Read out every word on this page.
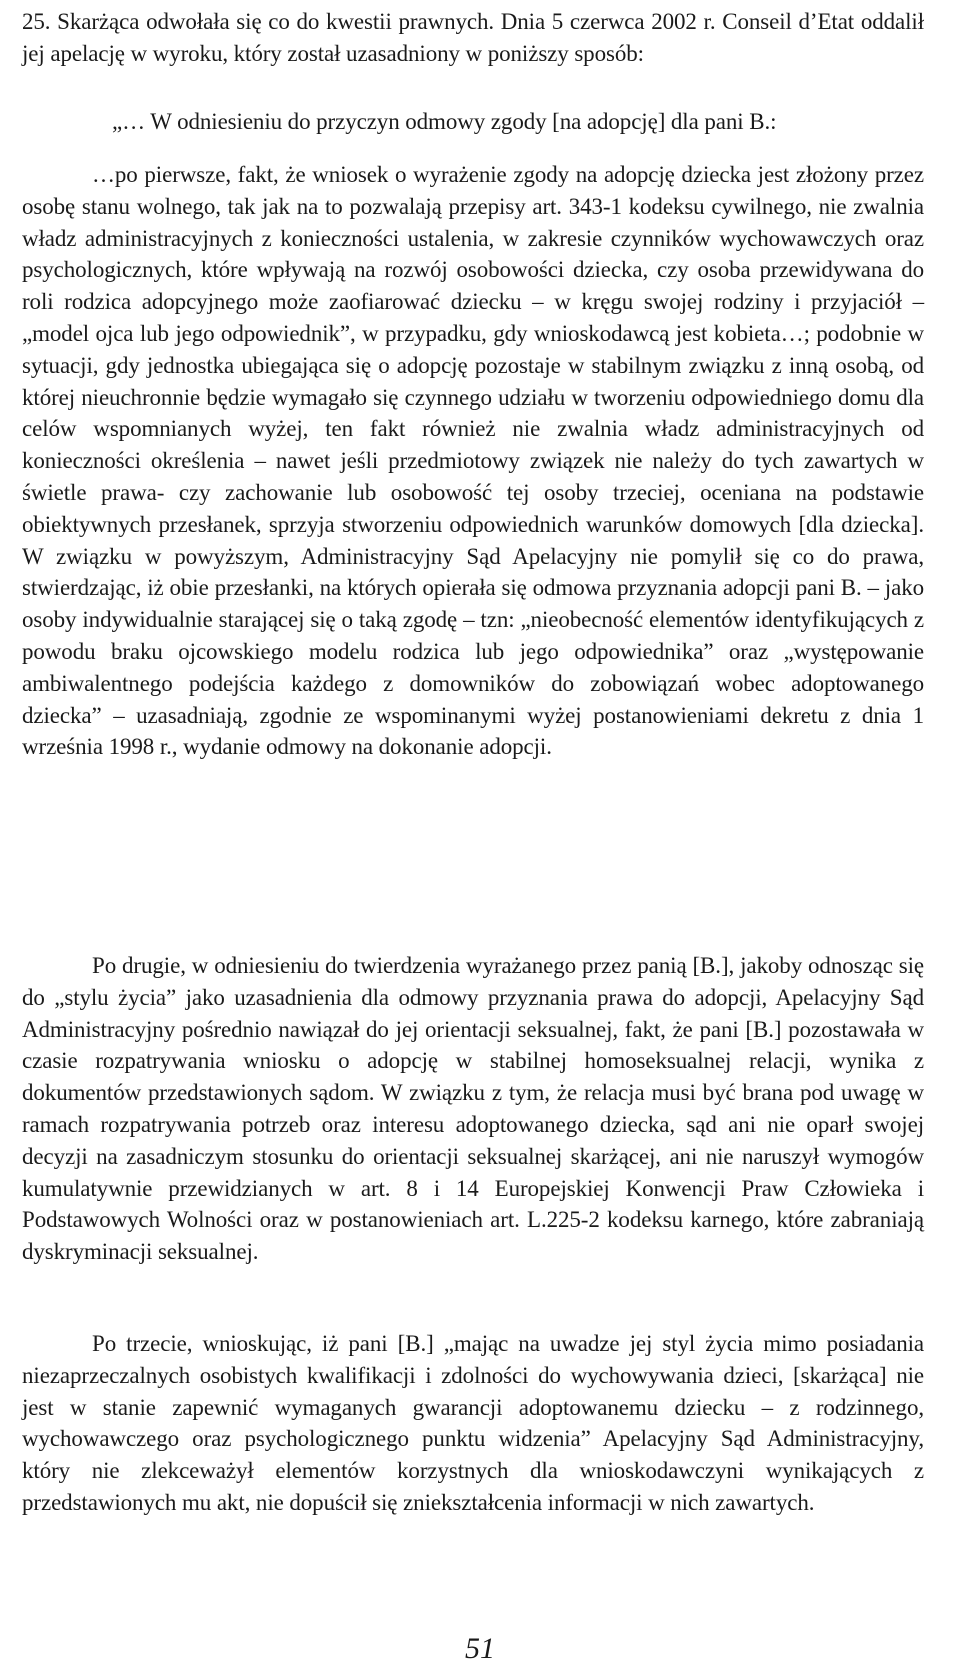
25. Skarżąca odwołała się co do kwestii prawnych. Dnia 5 czerwca 2002 r. Conseil d’Etat oddalił jej apelację w wyroku, który został uzasadniony w poniższy sposób:

„… W odniesieniu do przyczyn odmowy zgody [na adopcję] dla pani B.:

…po pierwsze, fakt, że wniosek o wyrażenie zgody na adopcję dziecka jest złożony przez osobę stanu wolnego, tak jak na to pozwalają przepisy art. 343-1 kodeksu cywilnego, nie zwalnia władz administracyjnych z konieczności ustalenia, w zakresie czynników wychowawczych oraz psychologicznych, które wpływają na rozwój osobowości dziecka, czy osoba przewidywana do roli rodzica adopcyjnego może zaofiarować dziecku – w kręgu swojej rodziny i przyjaciół – „model ojca lub jego odpowiednik”, w przypadku, gdy wnioskodawcą jest kobieta…; podobnie w sytuacji, gdy jednostka ubiegająca się o adopcję pozostaje w stabilnym związku z inną osobą, od której nieuchronnie będzie wymagało się czynnego udziału w tworzeniu odpowiedniego domu dla celów wspomnianych wyżej, ten fakt również nie zwalnia władz administracyjnych od konieczności określenia – nawet jeśli przedmiotowy związek nie należy do tych zawartych w świetle prawa- czy zachowanie lub osobowość tej osoby trzeciej, oceniana na podstawie obiektywnych przesłanek, sprzyja stworzeniu odpowiednich warunków domowych [dla dziecka]. W związku w powyższym, Administracyjny Sąd Apelacyjny nie pomylił się co do prawa, stwierdzając, iż obie przesłanki, na których opierała się odmowa przyznania adopcji pani B. – jako osoby indywidualnie starającej się o taką zgodę – tzn: „nieobecność elementów identyfikujących z powodu braku ojcowskiego modelu rodzica lub jego odpowiednika” oraz „występowanie ambiwalentnego podejścia każdego z domowników do zobowiązań wobec adoptowanego dziecka” – uzasadniają, zgodnie ze wspominanymi wyżej postanowieniami dekretu z dnia 1 września 1998 r., wydanie odmowy na dokonanie adopcji.

Po drugie, w odniesieniu do twierdzenia wyrażanego przez panią [B.], jakoby odnosząc się do „stylu życia” jako uzasadnienia dla odmowy przyznania prawa do adopcji, Apelacyjny Sąd Administracyjny pośrednio nawiązał do jej orientacji seksualnej, fakt, że pani [B.] pozostawała w czasie rozpatrywania wniosku o adopcję w stabilnej homoseksualnej relacji, wynika z dokumentów przedstawionych sądom. W związku z tym, że relacja musi być brana pod uwagę w ramach rozpatrywania potrzeb oraz interesu adoptowanego dziecka, sąd ani nie oparł swojej decyzji na zasadniczym stosunku do orientacji seksualnej skarżącej, ani nie naruszył wymogów kumulatywnie przewidzianych w art. 8 i 14 Europejskiej Konwencji Praw Człowieka i Podstawowych Wolności oraz w postanowieniach art. L.225-2 kodeksu karnego, które zabraniają dyskryminacji seksualnej.

Po trzecie, wnioskując, iż pani [B.] „mając na uwadze jej styl życia mimo posiadania niezaprzeczalnych osobistych kwalifikacji i zdolności do wychowywania dzieci, [skarżąca] nie jest w stanie zapewnić wymaganych gwarancji adoptowanemu dziecku – z rodzinnego, wychowawczego oraz psychologicznego punktu widzenia” Apelacyjny Sąd Administracyjny, który nie zlekceważył elementów korzystnych dla wnioskodawczyni wynikających z przedstawionych mu akt, nie dopuścił się zniekształcenia informacji w nich zawartych.

51
